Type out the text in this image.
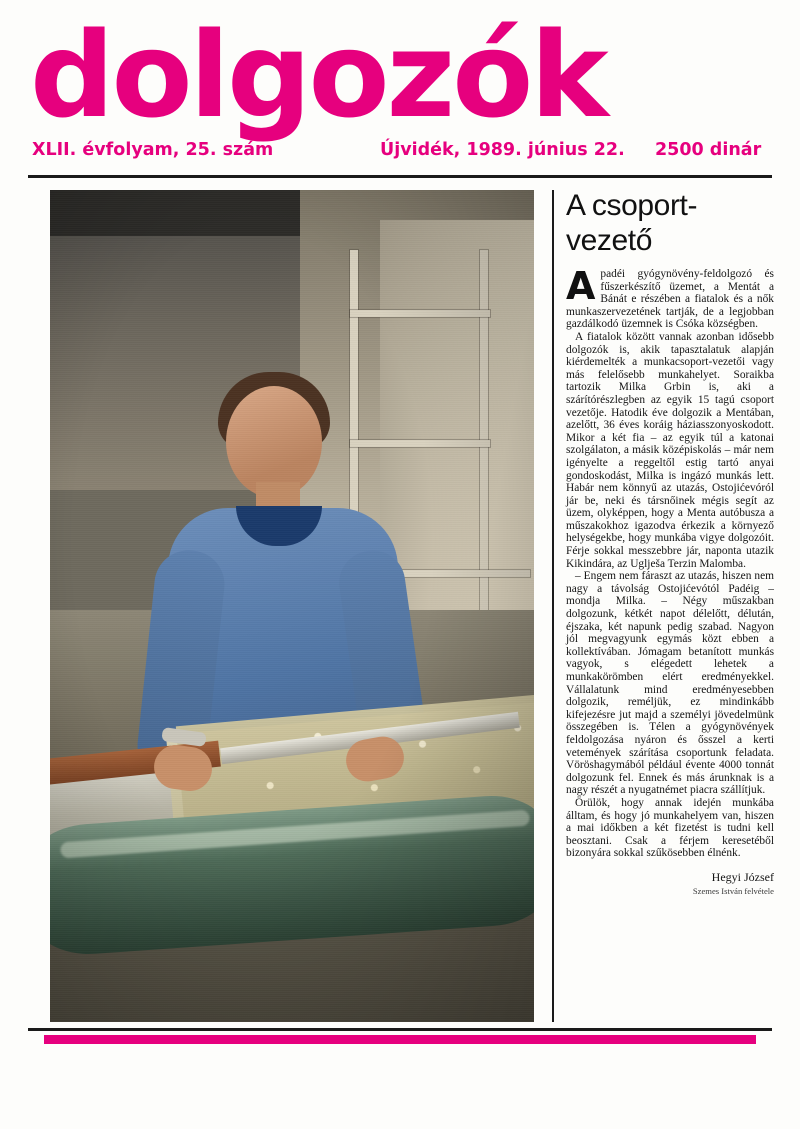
dolgozók
XLII. évfolyam, 25. szám	Újvidék, 1989. június 22. 2500 dinár
A csoport-vezető

Apadéi gyógynövény-feldolgozó és fűszerkészítő üzemet, a Mentát a Bánát e részében a fiatalok és a nők munkaszervezetének tartják, de a legjobban gazdálkodó üzemnek is Csóka községben.

A fiatalok között vannak azonban idősebb dolgozók is, akik tapasztalatuk alapján kiérdemelték a munkacsoport-vezetői vagy más felelősebb munkahelyet. Soraikba tartozik Milka Grbin is, aki a szárítórészlegben az egyik 15 tagú csoport vezetője. Hatodik éve dolgozik a Mentában, azelőtt, 36 éves koráig háziasszonyoskodott. Mikor a két fia – az egyik túl a katonai szolgálaton, a másik középiskolás – már nem igényelte a reggeltől estig tartó anyai gondoskodást, Milka is ingázó munkás lett. Habár nem könnyű az utazás, Ostojićevóról jár be, neki és társnőinek mégis segít az üzem, olyképpen, hogy a Menta autóbusza a műszakokhoz igazodva érkezik a környező helységekbe, hogy munkába vigye dolgozóit. Férje sokkal messzebbre jár, naponta utazik Kikindára, az Uglješa Terzin Malomba.

– Engem nem fáraszt az utazás, hiszen nem nagy a távolság Ostojićevótól Padéig – mondja Milka. – Négy műszakban dolgozunk, kétkét napot délelőtt, délután, éjszaka, két napunk pedig szabad. Nagyon jól megvagyunk egymás közt ebben a kollektívában. Jómagam betanított munkás vagyok, s elégedett lehetek a munkakörömben elért eredményekkel. Vállalatunk mind eredményesebben dolgozik, reméljük, ez mindinkább kifejezésre jut majd a személyi jövedelmünk összegében is. Télen a gyógynövények feldolgozása nyáron és ősszel a kerti vetemények szárítása csoportunk feladata. Vöröshagymából például évente 4000 tonnát dolgozunk fel. Ennek és más árunknak is a nagy részét a nyugatnémet piacra szállítjuk.

Örülök, hogy annak idején munkába álltam, és hogy jó munkahelyem van, hiszen a mai időkben a két fizetést is tudni kell beosztani. Csak a férjem keresetéből bizonyára sokkal szűkösebben élnénk.

Hegyi József
Szemes István felvétele
